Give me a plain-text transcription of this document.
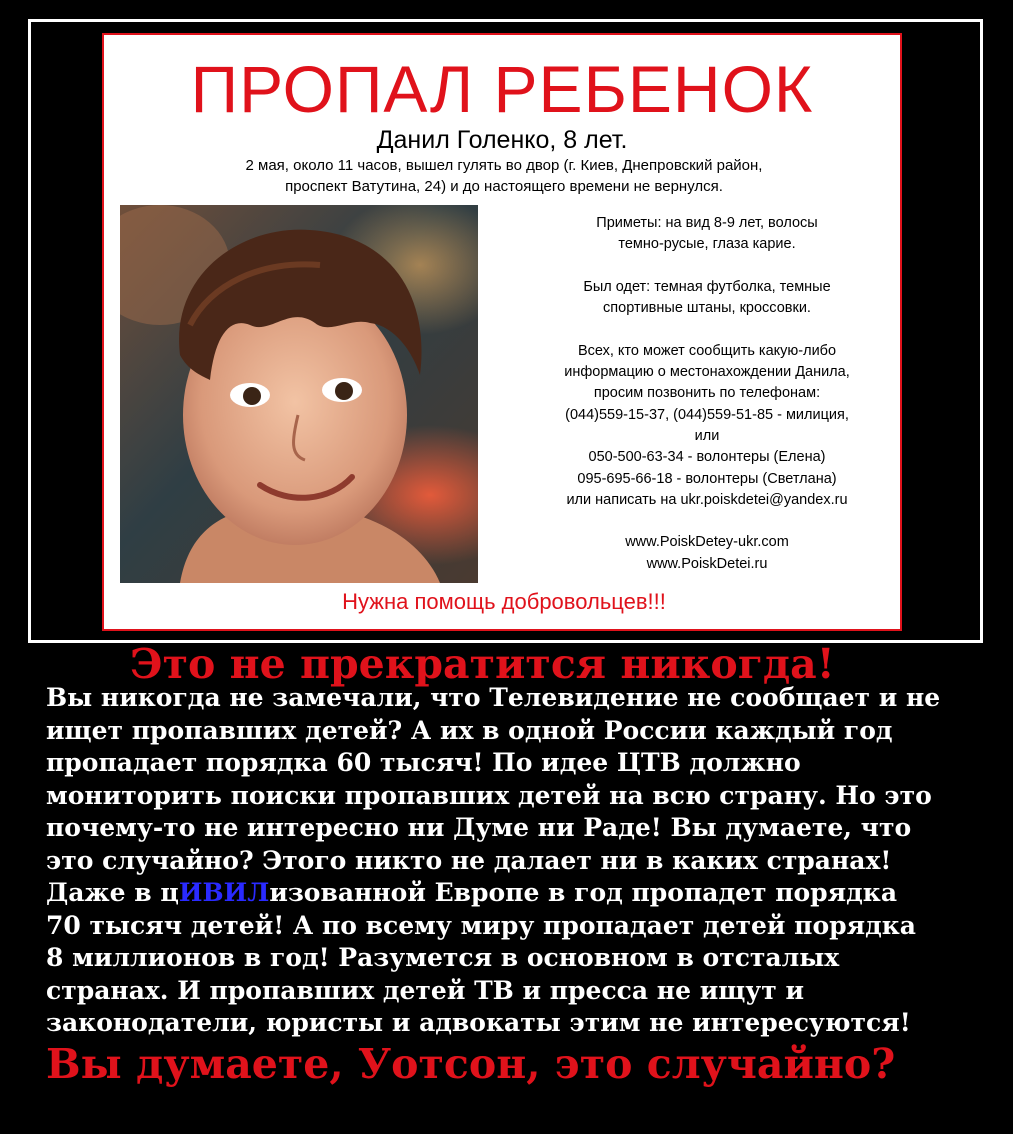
ПРОПАЛ РЕБЕНОК
Данил Голенко, 8 лет.
2 мая, около 11 часов, вышел гулять во двор (г. Киев, Днепровский район,
проспект Ватутина, 24) и до настоящего времени не вернулся.
Приметы: на вид 8-9 лет, волосы
темно-русые, глаза карие.
Был одет: темная футболка, темные
спортивные штаны, кроссовки.
Всех, кто может сообщить какую-либо
информацию о местонахождении Данила,
просим позвонить по телефонам:
(044)559-15-37, (044)559-51-85 - милиция,
или
050-500-63-34 - волонтеры (Елена)
095-695-66-18 - волонтеры (Светлана)
или написать на ukr.poiskdetei@yandex.ru
www.PoiskDetey-ukr.com
www.PoiskDetei.ru
Нужна помощь добровольцев!!!
Это не прекратится никогда!
Вы никогда не замечали, что Телевидение не сообщает и не
ищет пропавших детей? А их в одной России каждый год
пропадает порядка 60 тысяч! По идее ЦТВ должно
мониторить поиски пропавших детей на всю страну. Но это
почему-то не интересно ни Думе ни Раде! Вы думаете, что
это случайно? Этого никто не далает ни в каких странах!
Даже в цИВИЛизованной Европе в год пропадет порядка
70 тысяч детей! А по всему миру пропадает детей порядка
8 миллионов в год! Разумется в основном в отсталых
странах. И пропавших детей ТВ и пресса не ищут и
законодатели, юристы и адвокаты этим не интересуются!
Вы думаете, Уотсон, это случайно?
